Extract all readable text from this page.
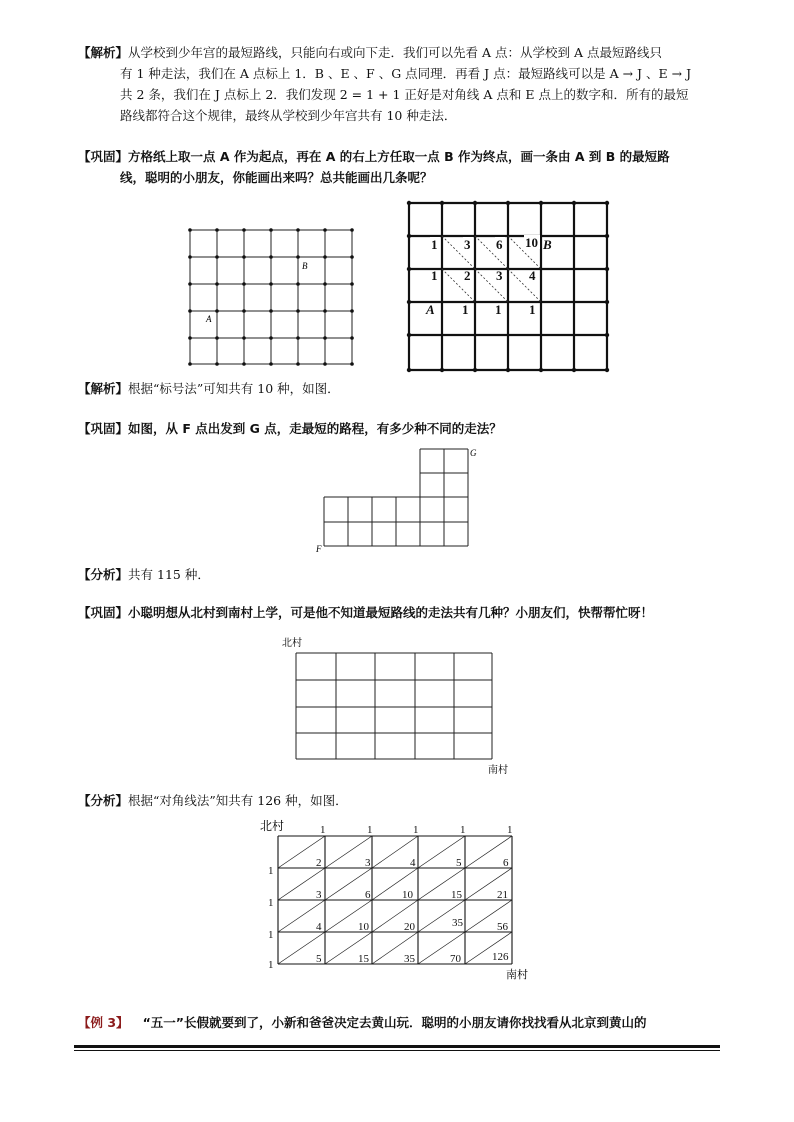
【解析】从学校到少年宫的最短路线，只能向右或向下走．我们可以先看 A 点：从学校到 A 点最短路线只
有 1 种走法，我们在 A 点标上 1．B 、E 、F 、G 点同理．再看 J 点：最短路线可以是 A → J 、E → J
共 2 条，我们在 J 点标上 2．我们发现 2 = 1 + 1 正好是对角线 A 点和 E 点上的数字和．所有的最短
路线都符合这个规律，最终从学校到少年宫共有 10 种走法．
【巩固】方格纸上取一点 A 作为起点，再在 A 的右上方任取一点 B 作为终点，画一条由 A 到 B 的最短路
线，聪明的小朋友，你能画出来吗？总共能画出几条呢？
B
A
1 3 6 10 B
1 2 3 4
A 1 1 1
【解析】根据“标号法”可知共有 10 种，如图．
【巩固】如图，从 F 点出发到 G 点，走最短的路程，有多少种不同的走法？
G
F
【分析】共有 115 种．
【巩固】小聪明想从北村到南村上学，可是他不知道最短路线的走法共有几种？小朋友们，快帮帮忙呀！
北村
南村
【分析】根据“对角线法”知共有 126 种，如图．
北村	1	1	1	1	1
1
1
1
1
2	3	4	5	6
3	6	10	15	21
4	10	20	35	56
5	15	35	70	126
南村
【例 3】 “五一”长假就要到了，小新和爸爸决定去黄山玩．聪明的小朋友请你找找看从北京到黄山的
